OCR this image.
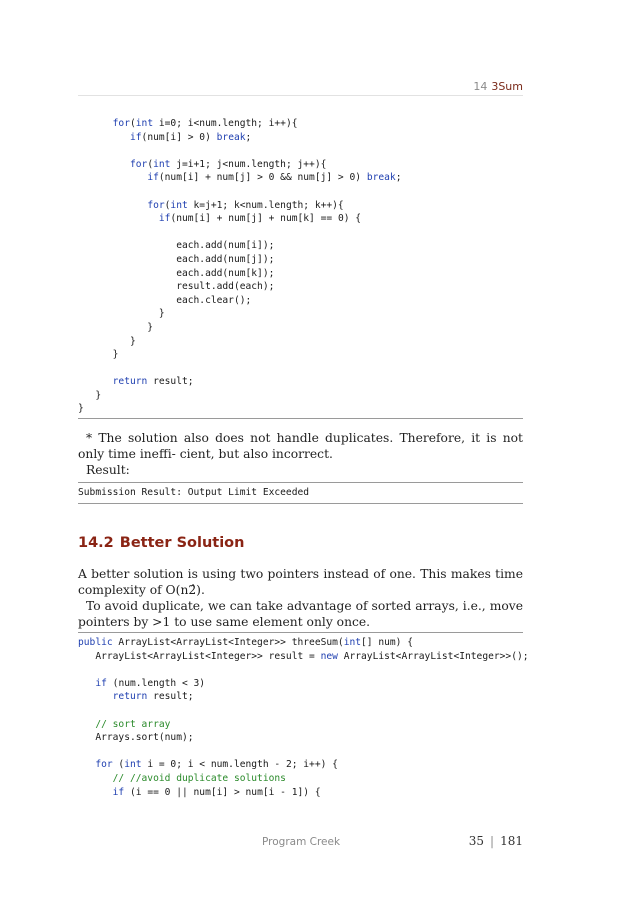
14 3Sum
for(int i=0; i<num.length; i++){
if(num[i] > 0) break;
for(int j=i+1; j<num.length; j++){
if(num[i] + num[j] > 0 && num[j] > 0) break;
for(int k=j+1; k<num.length; k++){
if(num[i] + num[j] + num[k] == 0) {
each.add(num[i]);
each.add(num[j]);
each.add(num[k]);
result.add(each);
each.clear();
}
}
}
}
return result;
}
}

* The solution also does not handle duplicates. Therefore, it is not only time ineffi- cient, but also incorrect.

Result:

Submission Result: Output Limit Exceeded
14.2 Better Solution

A better solution is using two pointers instead of one. This makes time complexity of O(n2̂).

To avoid duplicate, we can take advantage of sorted arrays, i.e., move pointers by >1 to use same element only once.

public ArrayList<ArrayList<Integer>> threeSum(int[] num) {
ArrayList<ArrayList<Integer>> result = new ArrayList<ArrayList<Integer>>();
if (num.length < 3)
return result;
// sort array
Arrays.sort(num);
for (int i = 0; i < num.length - 2; i++) {
// //avoid duplicate solutions
if (i == 0 || num[i] > num[i - 1]) {
Program Creek	35 | 181
